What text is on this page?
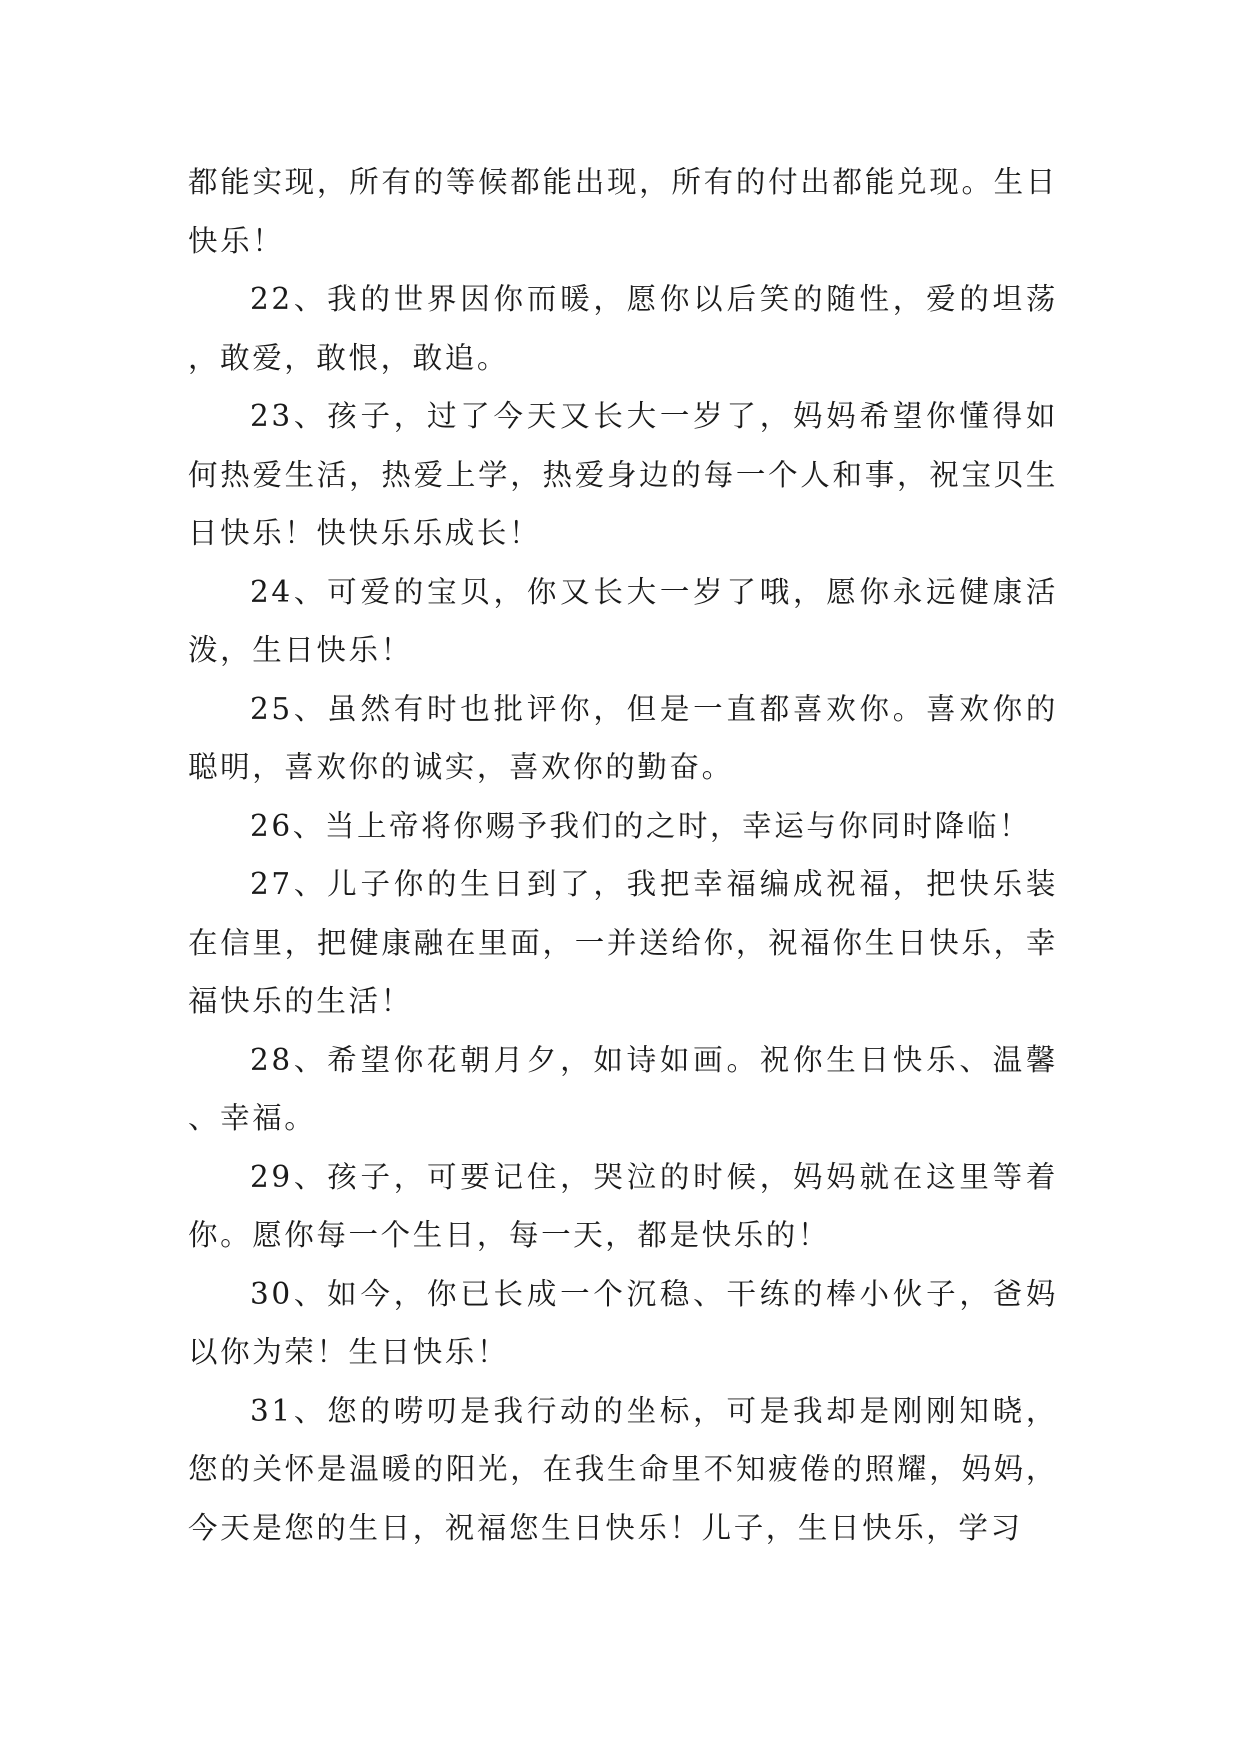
都能实现，所有的等候都能出现，所有的付出都能兑现。生日快乐！

22、我的世界因你而暖，愿你以后笑的随性，爱的坦荡，敢爱，敢恨，敢追。

23、孩子，过了今天又长大一岁了，妈妈希望你懂得如何热爱生活，热爱上学，热爱身边的每一个人和事，祝宝贝生日快乐！快快乐乐成长！

24、可爱的宝贝，你又长大一岁了哦，愿你永远健康活泼，生日快乐！

25、虽然有时也批评你，但是一直都喜欢你。喜欢你的聪明，喜欢你的诚实，喜欢你的勤奋。

26、当上帝将你赐予我们的之时，幸运与你同时降临！

27、儿子你的生日到了，我把幸福编成祝福，把快乐装在信里，把健康融在里面，一并送给你，祝福你生日快乐，幸福快乐的生活！

28、希望你花朝月夕，如诗如画。祝你生日快乐、温馨、幸福。

29、孩子，可要记住，哭泣的时候，妈妈就在这里等着你。愿你每一个生日，每一天，都是快乐的！

30、如今，你已长成一个沉稳、干练的棒小伙子，爸妈以你为荣！生日快乐！

31、您的唠叨是我行动的坐标，可是我却是刚刚知晓，您的关怀是温暖的阳光，在我生命里不知疲倦的照耀，妈妈，今天是您的生日，祝福您生日快乐！儿子，生日快乐，学习
